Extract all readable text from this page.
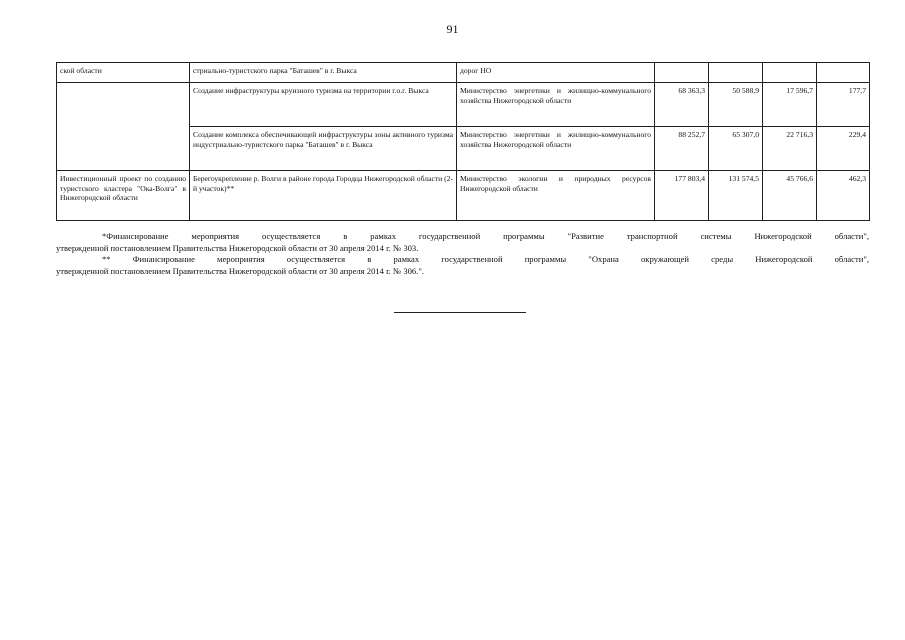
91
ской области	стриально-туристского парка "Баташев" в г. Выкса	дорог НО				
	Создание инфраструктуры круизного туризма на территории г.о.г. Выкса	Министерство энергетики и жилищно-коммунального хозяйства Нижегородской области	68 363,3	50 588,9	17 596,7	177,7
	Создание комплекса обеспечивающей инфраструктуры зоны активного туризма индустриально-туристского парка "Баташев" в г. Выкса	Министерство энергетики и жилищно-коммунального хозяйства Нижегородской области	88 252,7	65 307,0	22 716,3	229,4
Инвестиционный проект по созданию туристского кластера "Ока-Волга" в Нижегородской области	Берегоукрепление р. Волги в районе города Городца Нижегородской области (2-й участок)**	Министерство экологии и природных ресурсов Нижегородской области	177 803,4	131 574,5	45 766,6	462,3

*Финансирование мероприятия осуществляется в рамках государственной программы "Развитие транспортной системы Нижегородской области",

утвержденной постановлением Правительства Нижегородской области от 30 апреля 2014 г. № 303.

** Финансирование мероприятия осуществляется в рамках государственной программы "Охрана окружающей среды Нижегородской области",

утвержденной постановлением Правительства Нижегородской области от 30 апреля 2014 г. № 306.".
